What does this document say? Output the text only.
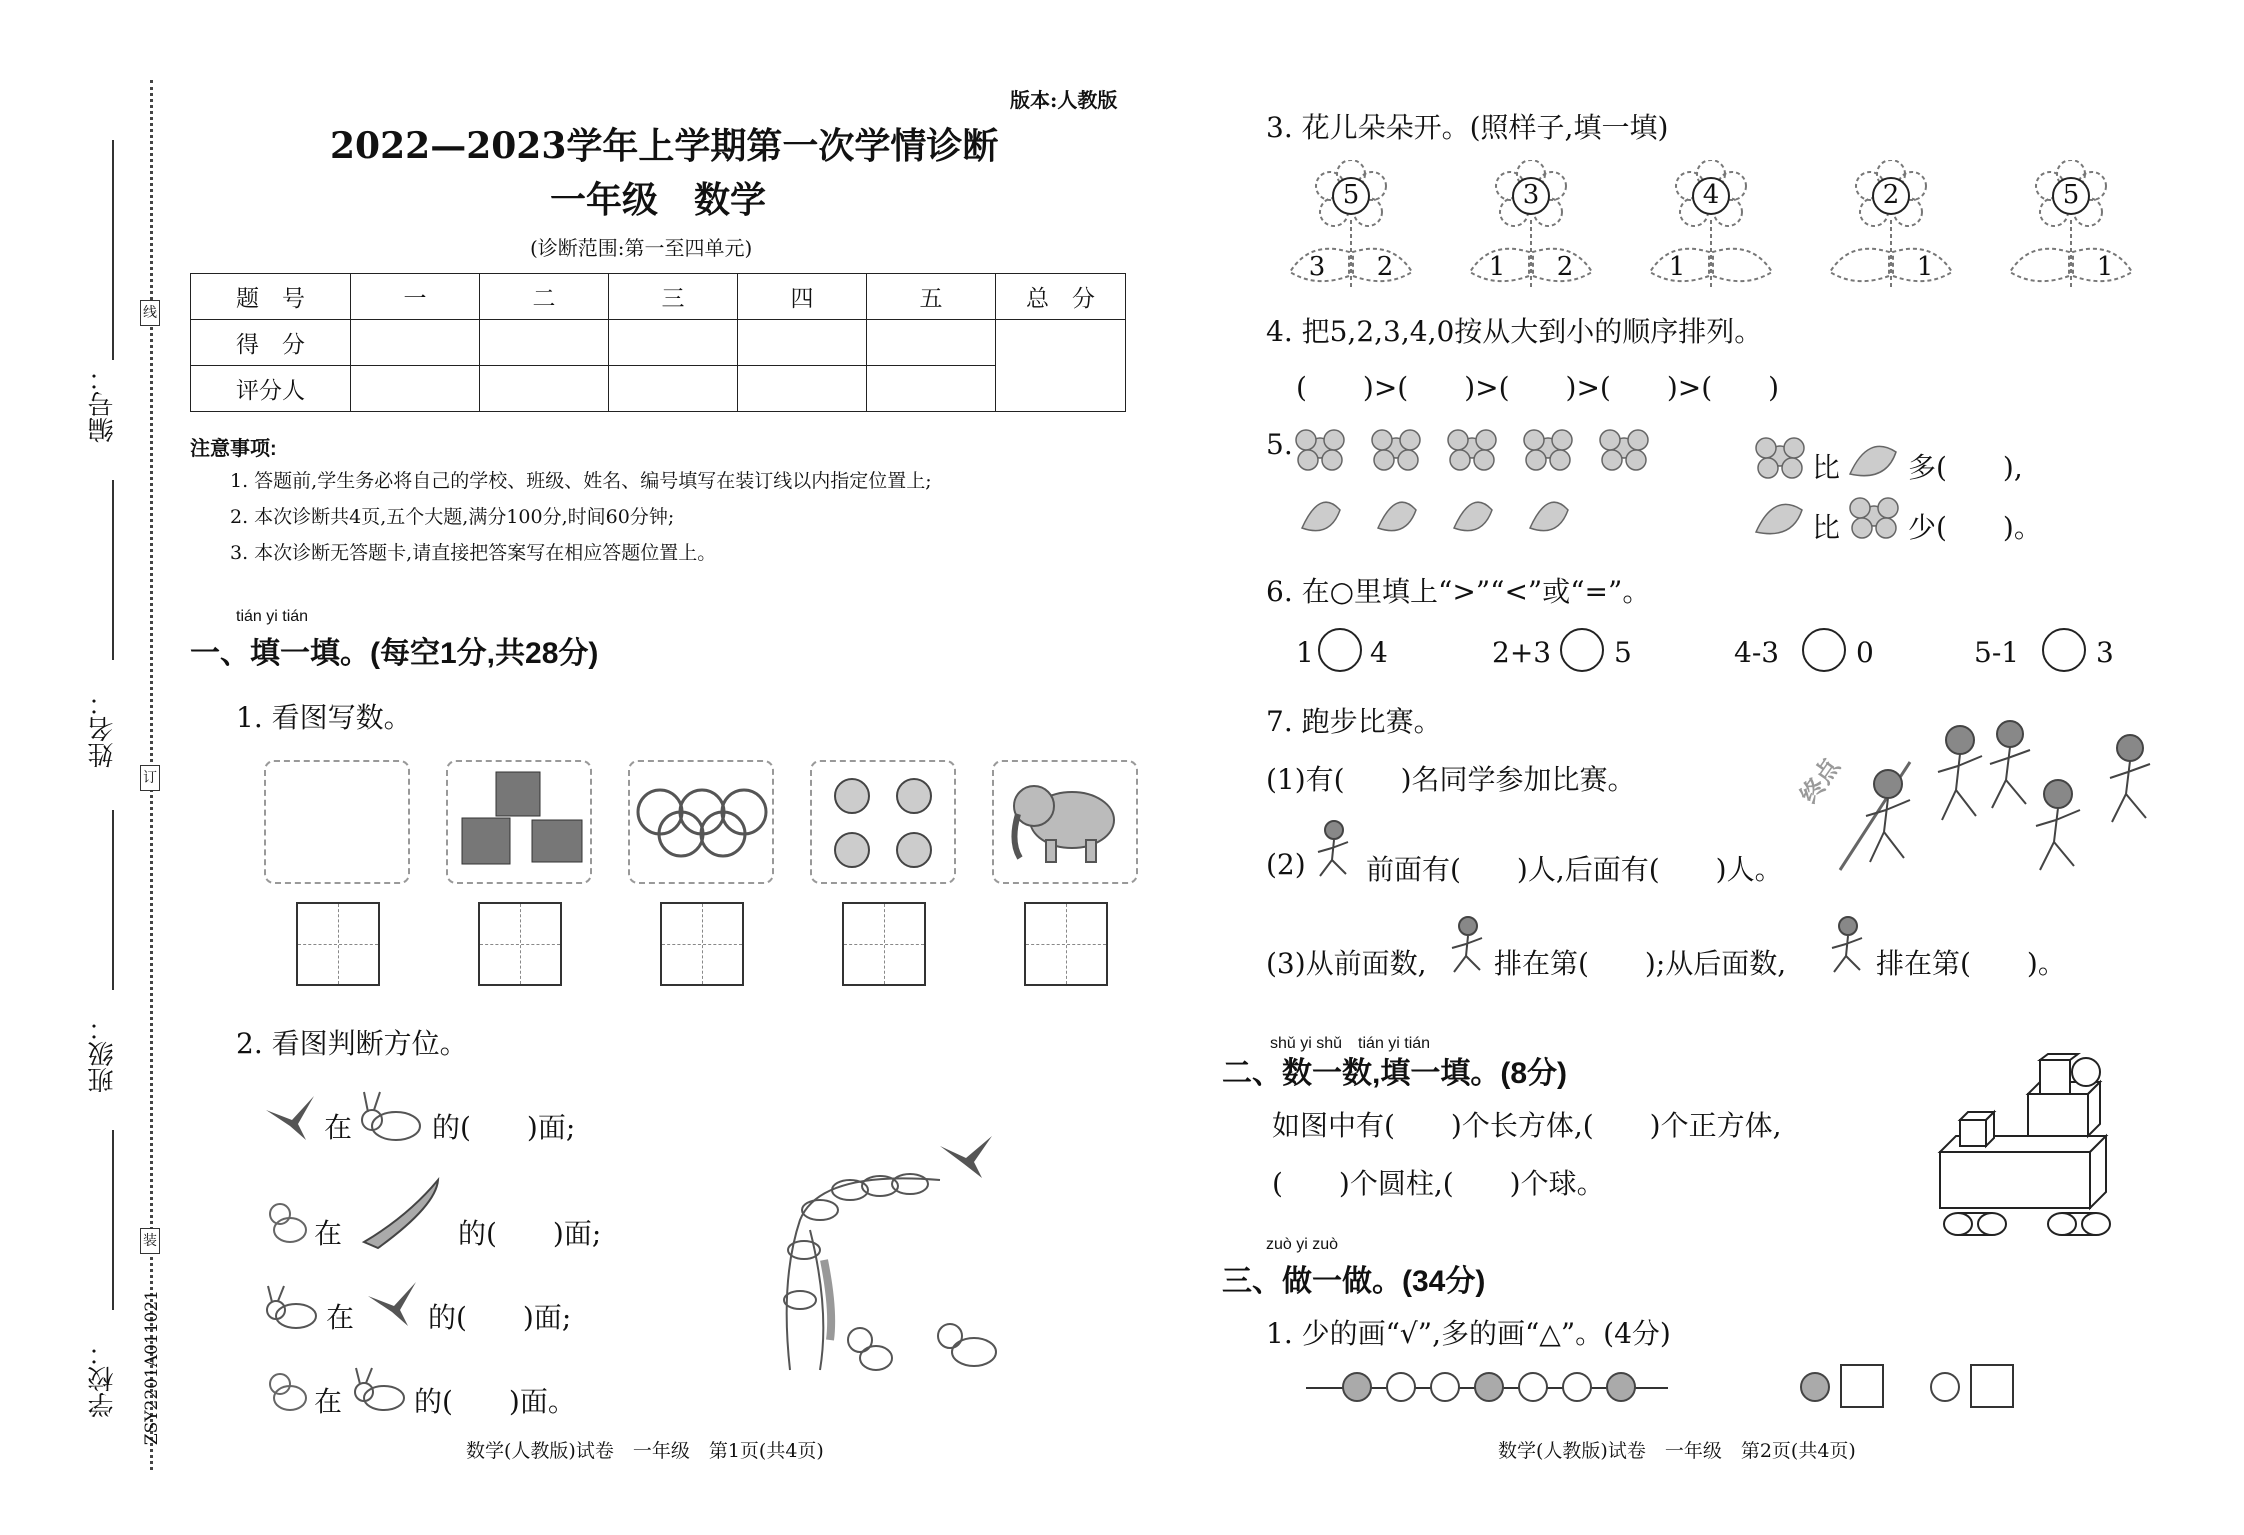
线
订
装
编号：
姓名：
班级：
学校： ZSY2201A011021
版本:人教版
2022—2023学年上学期第一次学情诊断
一年级　数学
(诊断范围:第一至四单元)
题　号	一	二	三	四	五	总　分
得　分						
评分人						
注意事项:
1. 答题前,学生务必将自己的学校、班级、姓名、编号填写在装订线以内指定位置上;
2. 本次诊断共4页,五个大题,满分100分,时间60分钟;
3. 本次诊断无答题卡,请直接把答案写在相应答题位置上。
tián yi tián
一、填一填。(每空1分,共28分)
1. 看图写数。
2. 看图判断方位。
在	的(　　)面;
在	的(　　)面;
在	的(　　)面;
在	的(　　)面。
数学(人教版)试卷　一年级　第1页(共4页)
3. 花儿朵朵开。(照样子,填一填)
5
3 2
3
1 2
4
1
2
1
5
1
4. 把5,2,3,4,0按从大到小的顺序排列。
(　　)>(　　)>(　　)>(　　)>(　　)
5.
比 多(　　),
比 少(　　)。
6. 在○里填上“>”“<”或“=”。
1 4	2+3 5	4-3	0	5-1	3
7. 跑步比赛。
(1)有(　　)名同学参加比赛。
(2) 前面有(　　)人,后面有(　　)人。
(3)从前面数, 排在第(　　);从后面数,	排在第(　　)。
终点
shǔ yi shǔ　tián yi tián
二、数一数,填一填。(8分)
如图中有(　　)个长方体,(　　)个正方体,
(　　)个圆柱,(　　)个球。
zuò yi zuò
三、做一做。(34分)
1. 少的画“√”,多的画“△”。(4分)
数学(人教版)试卷　一年级　第2页(共4页)
